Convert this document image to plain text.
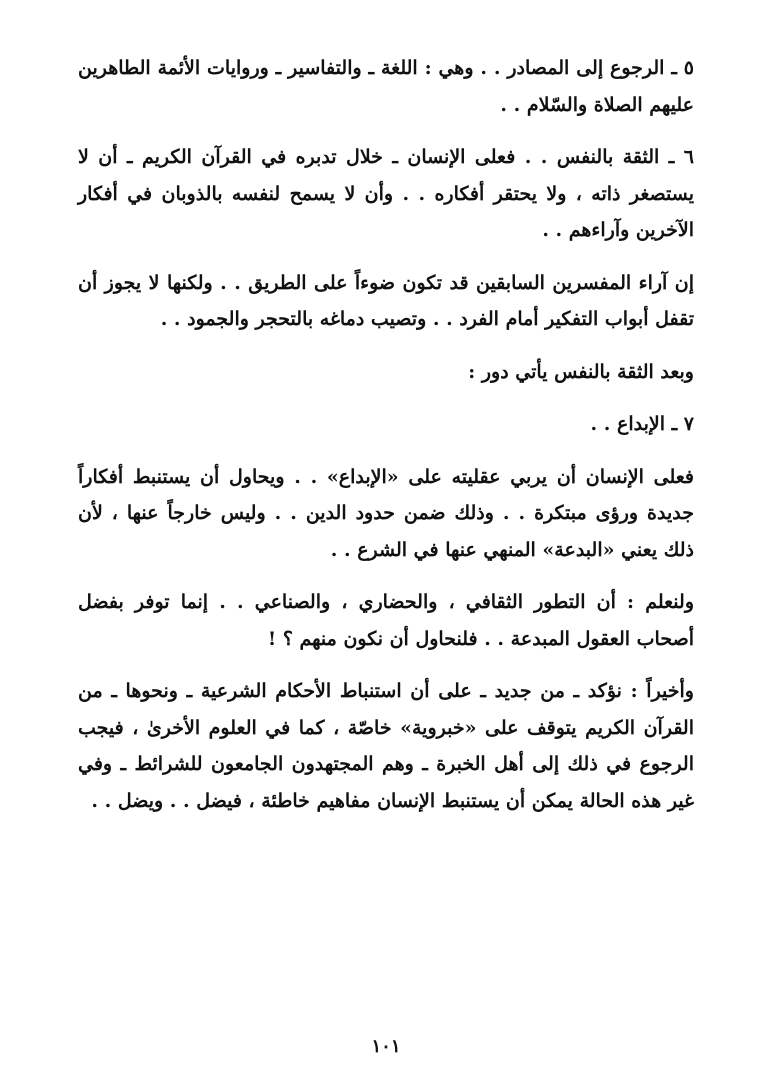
٥ ـ الرجوع إلى المصادر . . وهي : اللغة ـ والتفاسير ـ وروايات الأئمة الطاهرين عليهم الصلاة والسّلام . .

٦ ـ الثقة بالنفس . . فعلى الإنسان ـ خلال تدبره في القرآن الكريم ـ أن لا يستصغر ذاته ، ولا يحتقر أفكاره . . وأن لا يسمح لنفسه بالذوبان في أفكار الآخرين وآراءهم . .

إن آراء المفسرين السابقين قد تكون ضوءاً على الطريق . . ولكنها لا يجوز أن تقفل أبواب التفكير أمام الفرد . . وتصيب دماغه بالتحجر والجمود . .

وبعد الثقة بالنفس يأتي دور :

٧ ـ الإبداع . .

فعلى الإنسان أن يربي عقليته على «الإبداع» . . ويحاول أن يستنبط أفكاراً جديدة ورؤى مبتكرة . . وذلك ضمن حدود الدين . . وليس خارجاً عنها ، لأن ذلك يعني «البدعة» المنهي عنها في الشرع . .

ولنعلم : أن التطور الثقافي ، والحضاري ، والصناعي . . إنما توفر بفضل أصحاب العقول المبدعة . . فلنحاول أن نكون منهم ؟ !

وأخيراً : نؤكد ـ من جديد ـ على أن استنباط الأحكام الشرعية ـ ونحوها ـ من القرآن الكريم يتوقف على «خبروية» خاصّة ، كما في العلوم الأخرىٰ ، فيجب الرجوع في ذلك إلى أهل الخبرة ـ وهم المجتهدون الجامعون للشرائط ـ وفي غير هذه الحالة يمكن أن يستنبط الإنسان مفاهيم خاطئة ، فيضل . . ويضل . .

١٠١
